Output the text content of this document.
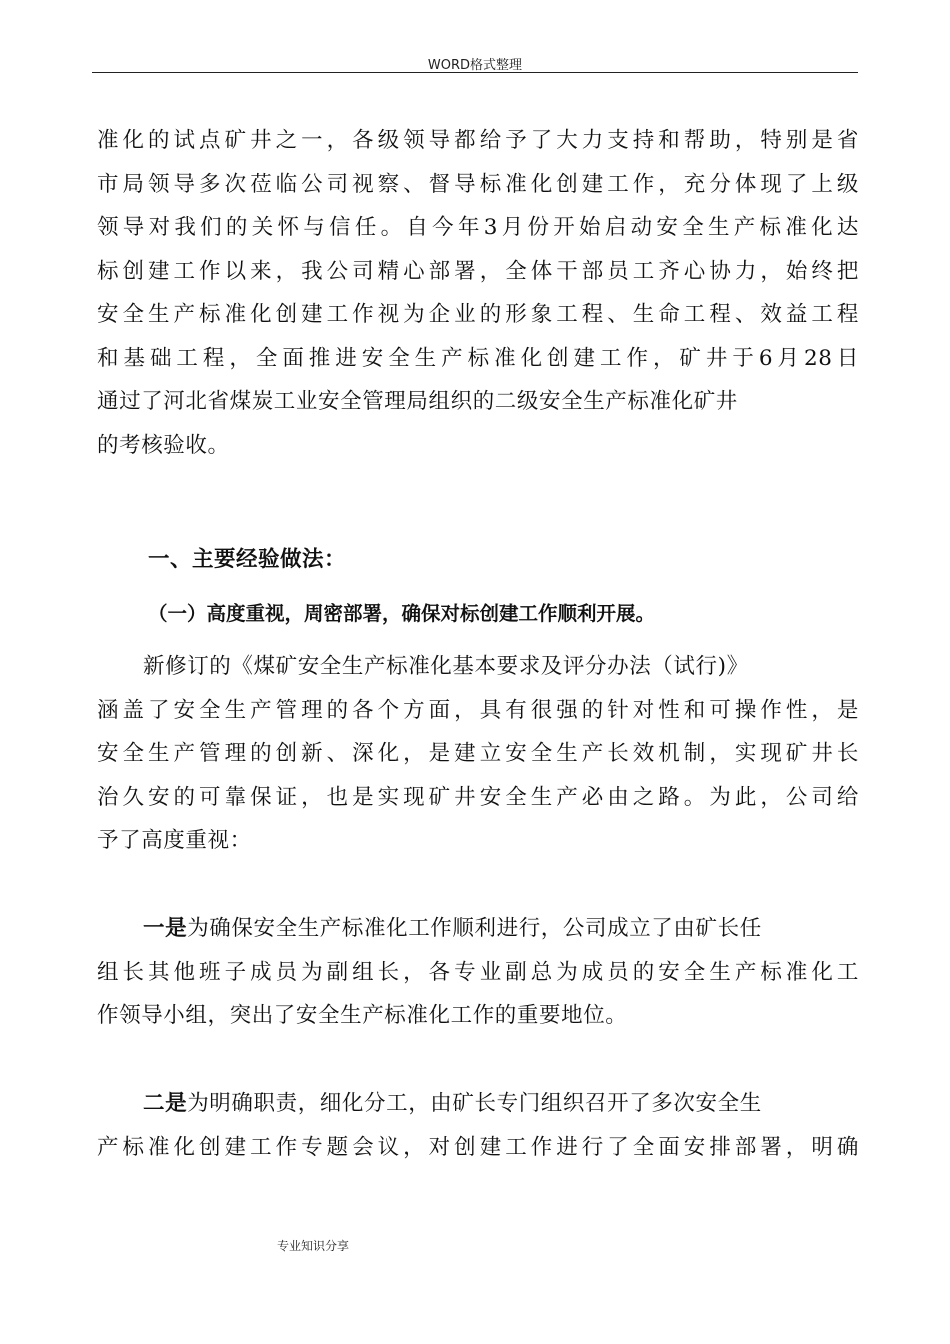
WORD格式整理
准化的试点矿井之一，各级领导都给予了大力支持和帮助，特别是省
市局领导多次莅临公司视察、督导标准化创建工作，充分体现了上级
领导对我们的关怀与信任。自今年3月份开始启动安全生产标准化达
标创建工作以来，我公司精心部署，全体干部员工齐心协力，始终把
安全生产标准化创建工作视为企业的形象工程、生命工程、效益工程
和基础工程，全面推进安全生产标准化创建工作，矿井于6月28日
通过了河北省煤炭工业安全管理局组织的二级安全生产标准化矿井
的考核验收。
一、主要经验做法：
（一）高度重视，周密部署，确保对标创建工作顺利开展。
新修订的《煤矿安全生产标准化基本要求及评分办法（试行)》
涵盖了安全生产管理的各个方面，具有很强的针对性和可操作性，是
安全生产管理的创新、深化，是建立安全生产长效机制，实现矿井长
治久安的可靠保证，也是实现矿井安全生产必由之路。为此，公司给
予了高度重视：
一是为确保安全生产标准化工作顺利进行，公司成立了由矿长任
组长其他班子成员为副组长，各专业副总为成员的安全生产标准化工
作领导小组，突出了安全生产标准化工作的重要地位。
二是为明确职责，细化分工，由矿长专门组织召开了多次安全生
产标准化创建工作专题会议，对创建工作进行了全面安排部署，明确
专业知识分享
